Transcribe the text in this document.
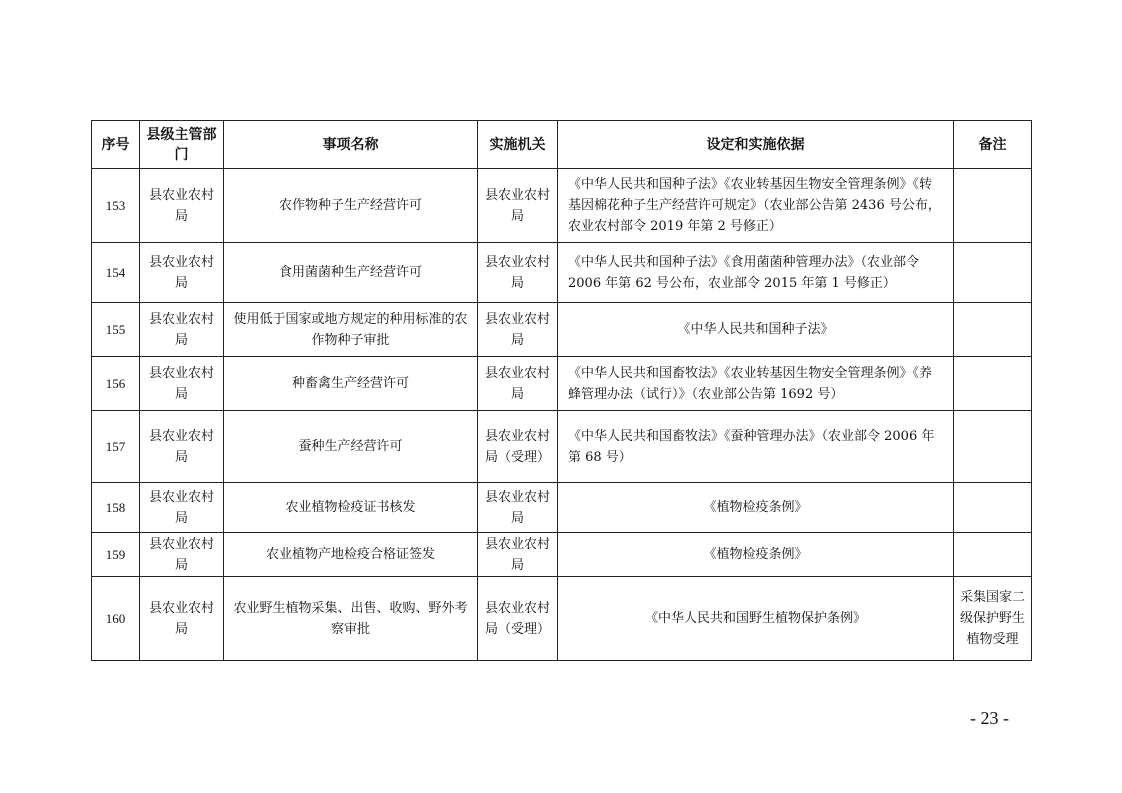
序号	县级主管部门	事项名称	实施机关	设定和实施依据	备注
153	县农业农村局	农作物种子生产经营许可	县农业农村局	《中华人民共和国种子法》《农业转基因生物安全管理条例》《转基因棉花种子生产经营许可规定》（农业部公告第 2436 号公布，农业农村部令 2019 年第 2 号修正）	
154	县农业农村局	食用菌菌种生产经营许可	县农业农村局	《中华人民共和国种子法》《食用菌菌种管理办法》（农业部令 2006 年第 62 号公布，农业部令 2015 年第 1 号修正）	
155	县农业农村局	使用低于国家或地方规定的种用标准的农作物种子审批	县农业农村局	《中华人民共和国种子法》	
156	县农业农村局	种畜禽生产经营许可	县农业农村局	《中华人民共和国畜牧法》《农业转基因生物安全管理条例》《养蜂管理办法（试行）》（农业部公告第 1692 号）	
157	县农业农村局	蚕种生产经营许可	县农业农村局（受理）	《中华人民共和国畜牧法》《蚕种管理办法》（农业部令 2006 年第 68 号）	
158	县农业农村局	农业植物检疫证书核发	县农业农村局	《植物检疫条例》	
159	县农业农村局	农业植物产地检疫合格证签发	县农业农村局	《植物检疫条例》	
160	县农业农村局	农业野生植物采集、出售、收购、野外考察审批	县农业农村局（受理）	《中华人民共和国野生植物保护条例》	采集国家二级保护野生植物受理
- 23 -
